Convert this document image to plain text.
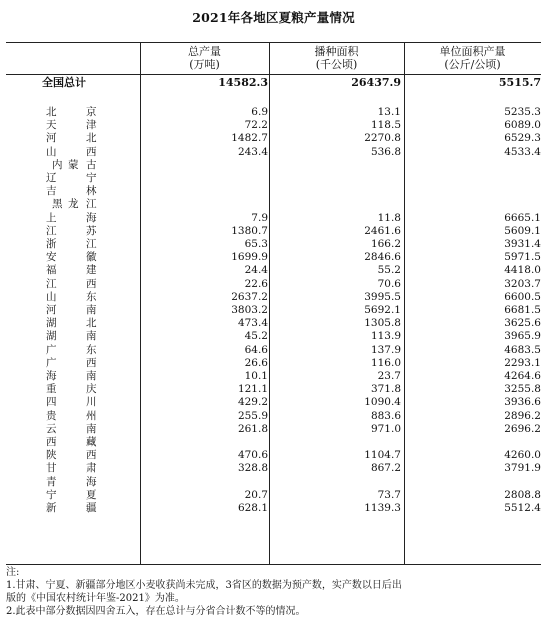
2021年各地区夏粮产量情况
总产量
(万吨)
播种面积
(千公顷)
单位面积产量
(公斤/公顷)
全国总计	14582.3	26437.9	5515.7
北	京	6.9	13.1	5235.3
天	津	72.2	118.5	6089.0
河	北	1482.7	2270.8	6529.3
山	西	243.4	536.8	4533.4
内 蒙 古
辽	宁
吉	林
黑 龙 江
上	海	7.9	11.8	6665.1
江	苏	1380.7	2461.6	5609.1
浙	江	65.3	166.2	3931.4
安	徽	1699.9	2846.6	5971.5
福	建	24.4	55.2	4418.0
江	西	22.6	70.6	3203.7
山	东	2637.2	3995.5	6600.5
河	南	3803.2	5692.1	6681.5
湖	北	473.4	1305.8	3625.6
湖	南	45.2	113.9	3965.9
广	东	64.6	137.9	4683.5
广	西	26.6	116.0	2293.1
海	南	10.1	23.7	4264.6
重	庆	121.1	371.8	3255.8
四	川	429.2	1090.4	3936.6
贵	州	255.9	883.6	2896.2
云	南	261.8	971.0	2696.2
西	藏
陕	西	470.6	1104.7	4260.0
甘	肃	328.8	867.2	3791.9
青	海
宁	夏	20.7	73.7	2808.8
新	疆	628.1	1139.3	5512.4
注:
1.甘肃、宁夏、新疆部分地区小麦收获尚未完成，3省区的数据为预产数，实产数以日后出
版的《中国农村统计年鉴-2021》为准。
2.此表中部分数据因四舍五入，存在总计与分省合计数不等的情况。
